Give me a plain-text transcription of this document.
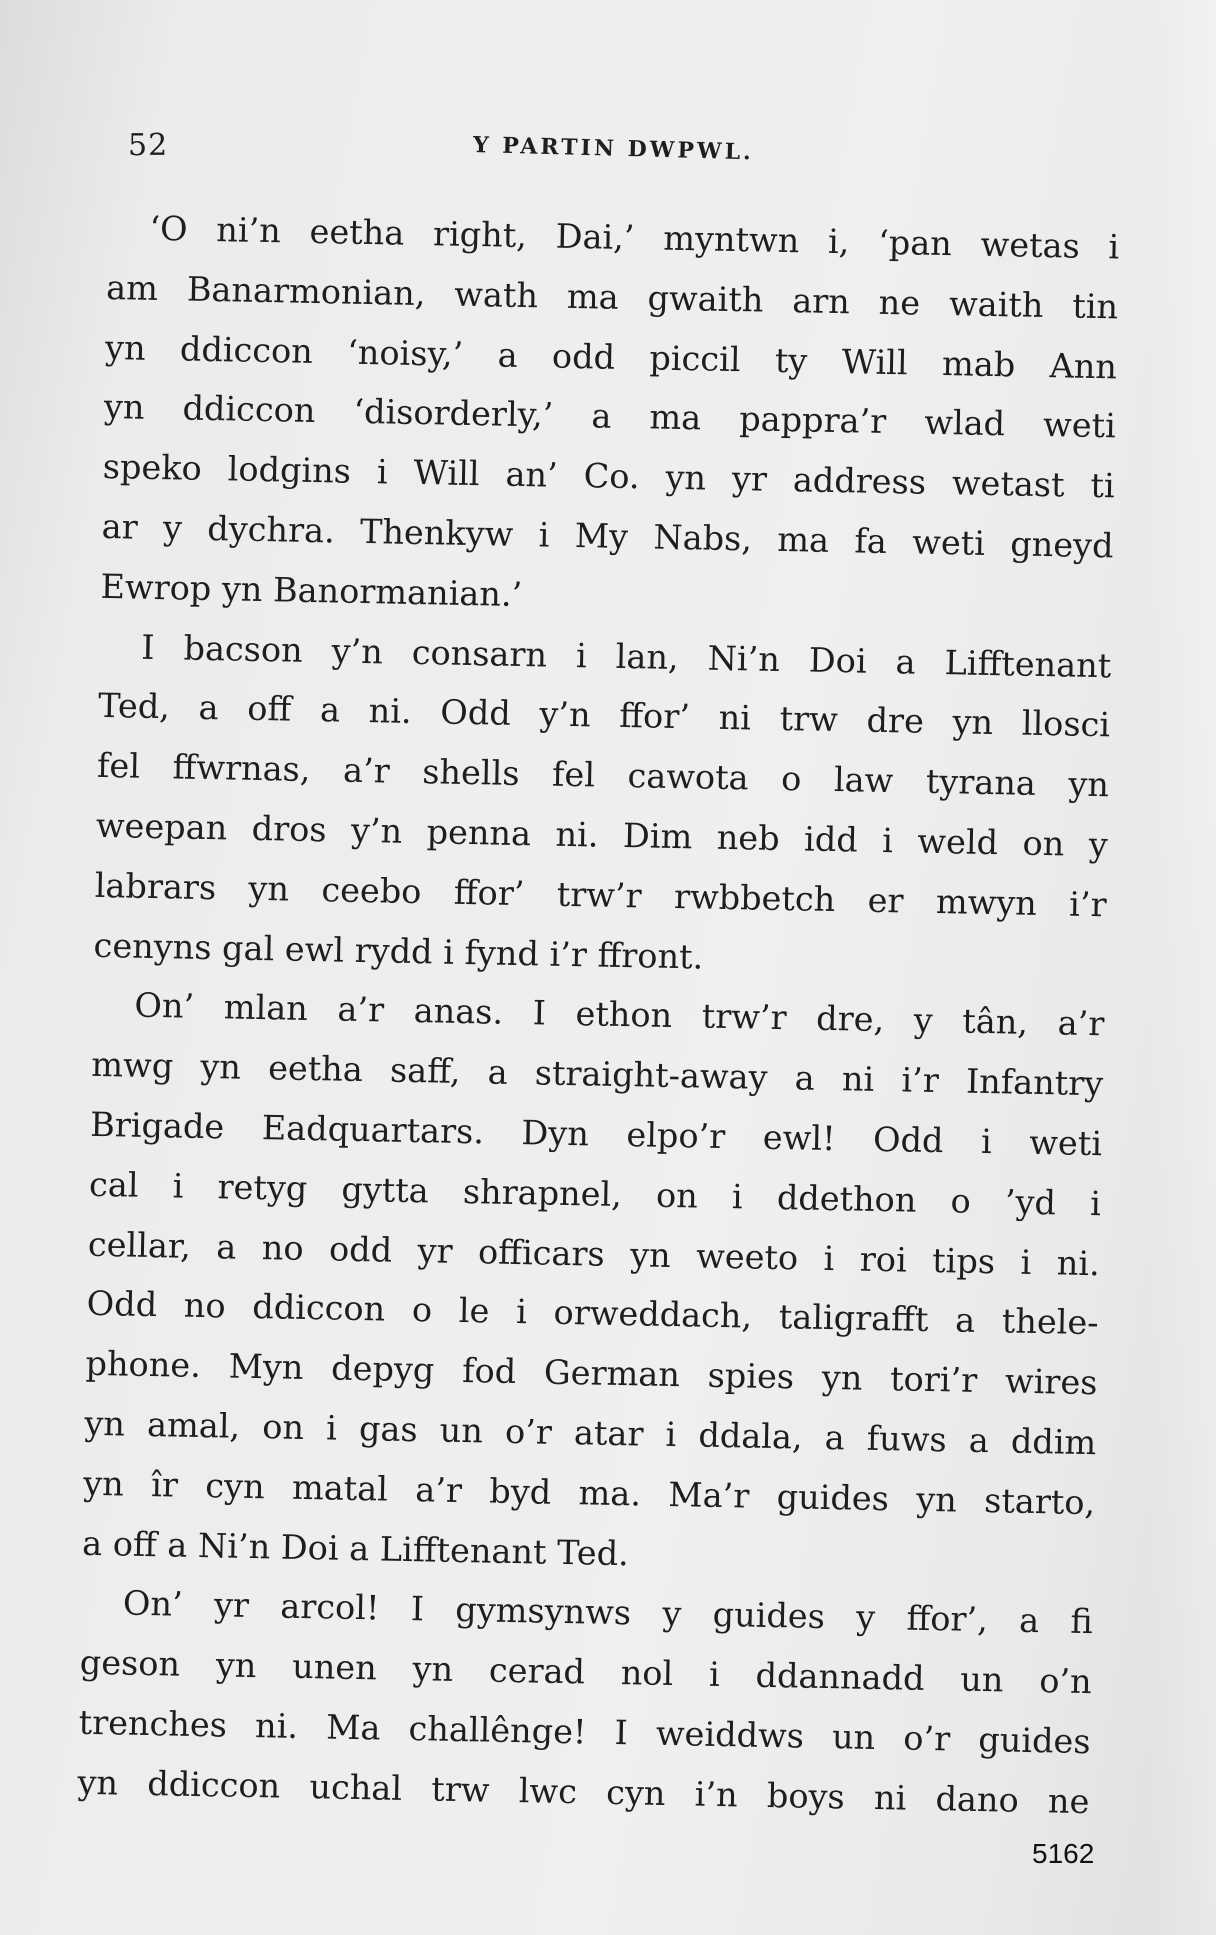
52	Y PARTIN DWPWL.
‘O ni’n eetha right, Dai,’ myntwn i, ‘pan wetas i
am Banarmonian, wath ma gwaith arn ne waith tin
yn ddiccon ‘noisy,’ a odd piccil ty Will mab Ann
yn ddiccon ‘disorderly,’ a ma pappra’r wlad weti
speko lodgins i Will an’ Co. yn yr address wetast ti
ar y dychra. Thenkyw i My Nabs, ma fa weti gneyd
Ewrop yn Banormanian.’
I bacson y’n consarn i lan, Ni’n Doi a Lifftenant
Ted, a off a ni. Odd y’n ffor’ ni trw dre yn llosci
fel ffwrnas, a’r shells fel cawota o law tyrana yn
weepan dros y’n penna ni. Dim neb idd i weld on y
labrars yn ceebo ffor’ trw’r rwbbetch er mwyn i’r
cenyns gal ewl rydd i fynd i’r ffront.
On’ mlan a’r anas. I ethon trw’r dre, y tân, a’r
mwg yn eetha saff, a straight-away a ni i’r Infantry
Brigade Eadquartars. Dyn elpo’r ewl! Odd i weti
cal i retyg gytta shrapnel, on i ddethon o ’yd i
cellar, a no odd yr officars yn weeto i roi tips i ni.
Odd no ddiccon o le i orweddach, taligrafft a thele-
phone. Myn depyg fod German spies yn tori’r wires
yn amal, on i gas un o’r atar i ddala, a fuws a ddim
yn îr cyn matal a’r byd ma. Ma’r guides yn starto,
a off a Ni’n Doi a Lifftenant Ted.
On’ yr arcol! I gymsynws y guides y ffor’, a fi
geson yn unen yn cerad nol i ddannadd un o’n
trenches ni. Ma challênge! I weiddws un o’r guides
yn ddiccon uchal trw lwc cyn i’n boys ni dano ne
5162
